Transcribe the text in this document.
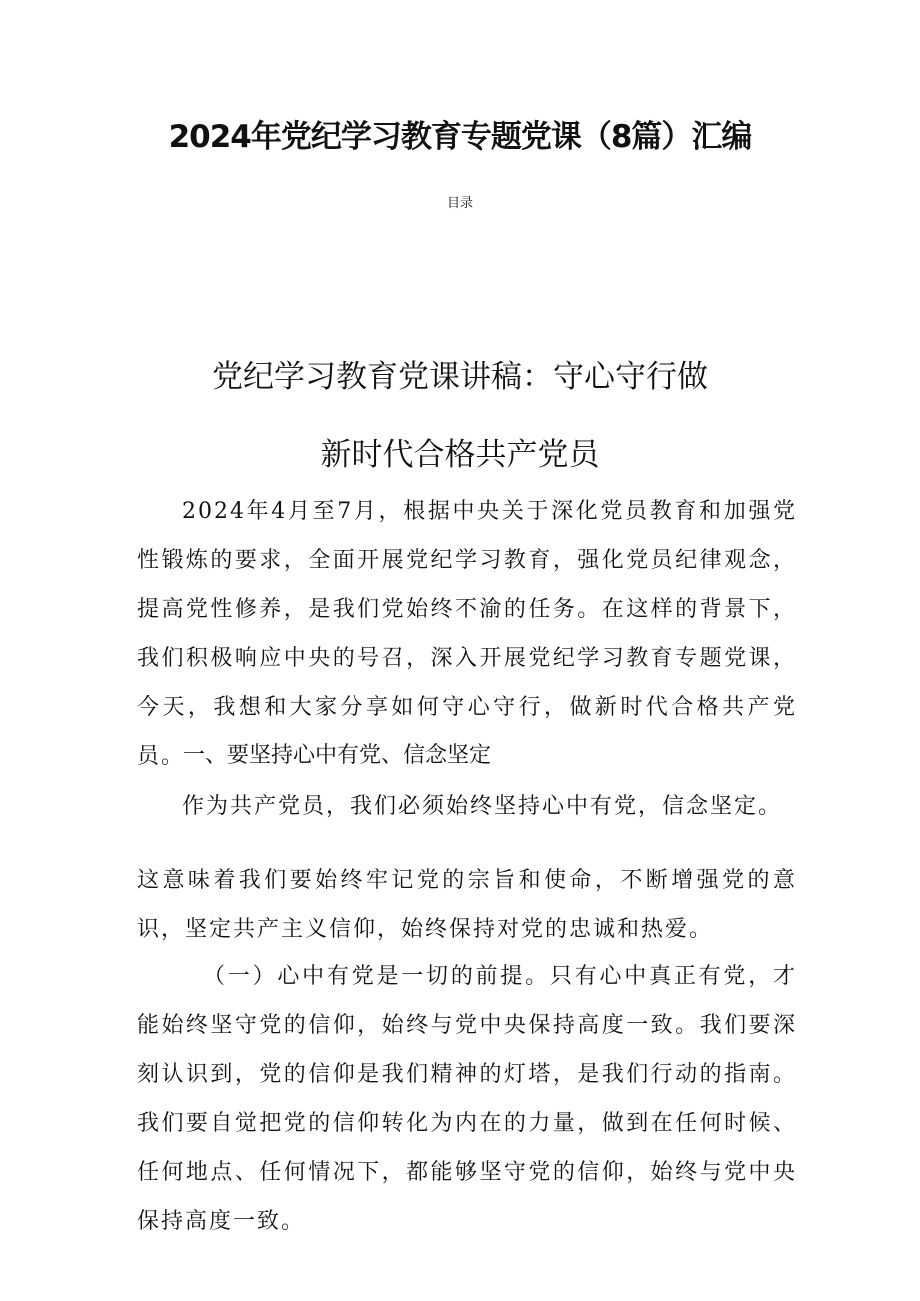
2024年党纪学习教育专题党课（8篇）汇编
目录
党纪学习教育党课讲稿：守心守行做
新时代合格共产党员
2024年4月至7月，根据中央关于深化党员教育和加强党性锻炼的要求，全面开展党纪学习教育，强化党员纪律观念，提高党性修养，是我们党始终不渝的任务。在这样的背景下，我们积极响应中央的号召，深入开展党纪学习教育专题党课，今天，我想和大家分享如何守心守行，做新时代合格共产党员。
一、要坚持心中有党、信念坚定
作为共产党员，我们必须始终坚持心中有党，信念坚定。
这意味着我们要始终牢记党的宗旨和使命，不断增强党的意识，坚定共产主义信仰，始终保持对党的忠诚和热爱。
（一）心中有党是一切的前提。只有心中真正有党，才能始终坚守党的信仰，始终与党中央保持高度一致。我们要深刻认识到，党的信仰是我们精神的灯塔，是我们行动的指南。我们要自觉把党的信仰转化为内在的力量，做到在任何时候、任何地点、任何情况下，都能够坚守党的信仰，始终与党中央保持高度一致。
